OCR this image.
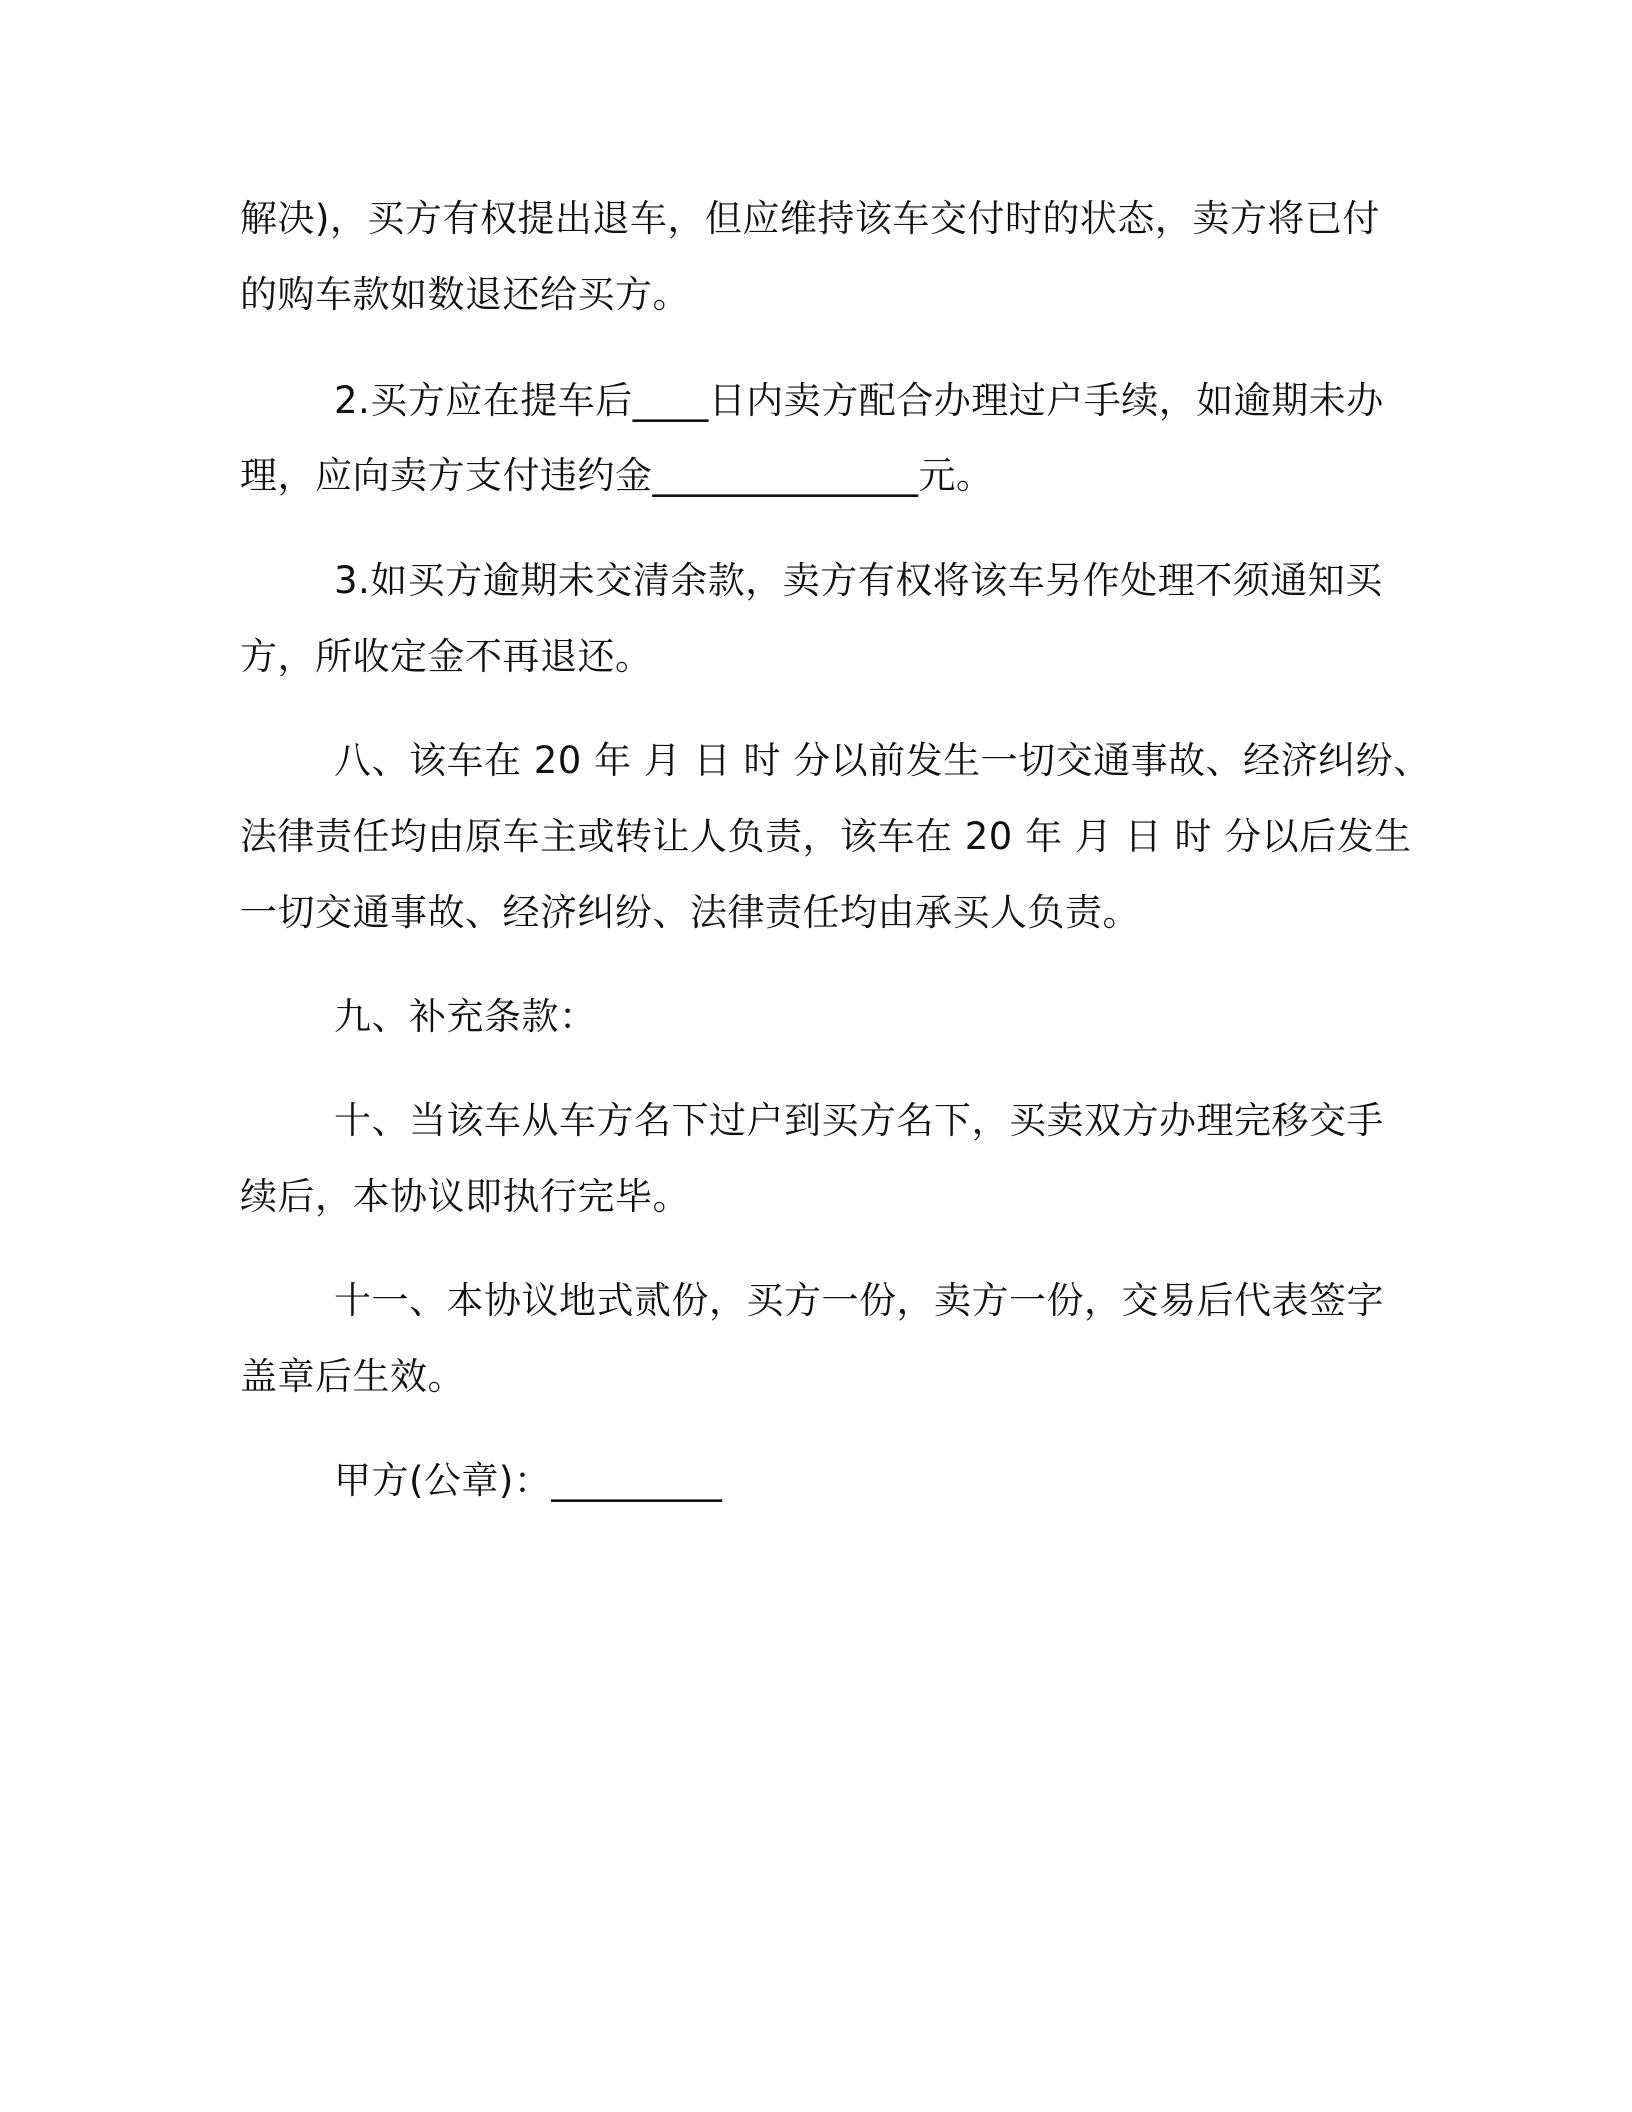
解决)，买方有权提出退车，但应维持该车交付时的状态，卖方将已付
的购车款如数退还给买方。
2.买方应在提车后____日内卖方配合办理过户手续，如逾期未办
理，应向卖方支付违约金______________元。
3.如买方逾期未交清余款，卖方有权将该车另作处理不须通知买
方，所收定金不再退还。
八、该车在 20 年 月 日 时 分以前发生一切交通事故、经济纠纷、
法律责任均由原车主或转让人负责，该车在 20 年 月 日 时 分以后发生
一切交通事故、经济纠纷、法律责任均由承买人负责。
九、补充条款：
十、当该车从车方名下过户到买方名下，买卖双方办理完移交手
续后，本协议即执行完毕。
十一、本协议地式贰份，买方一份，卖方一份，交易后代表签字
盖章后生效。
甲方(公章)：_________
